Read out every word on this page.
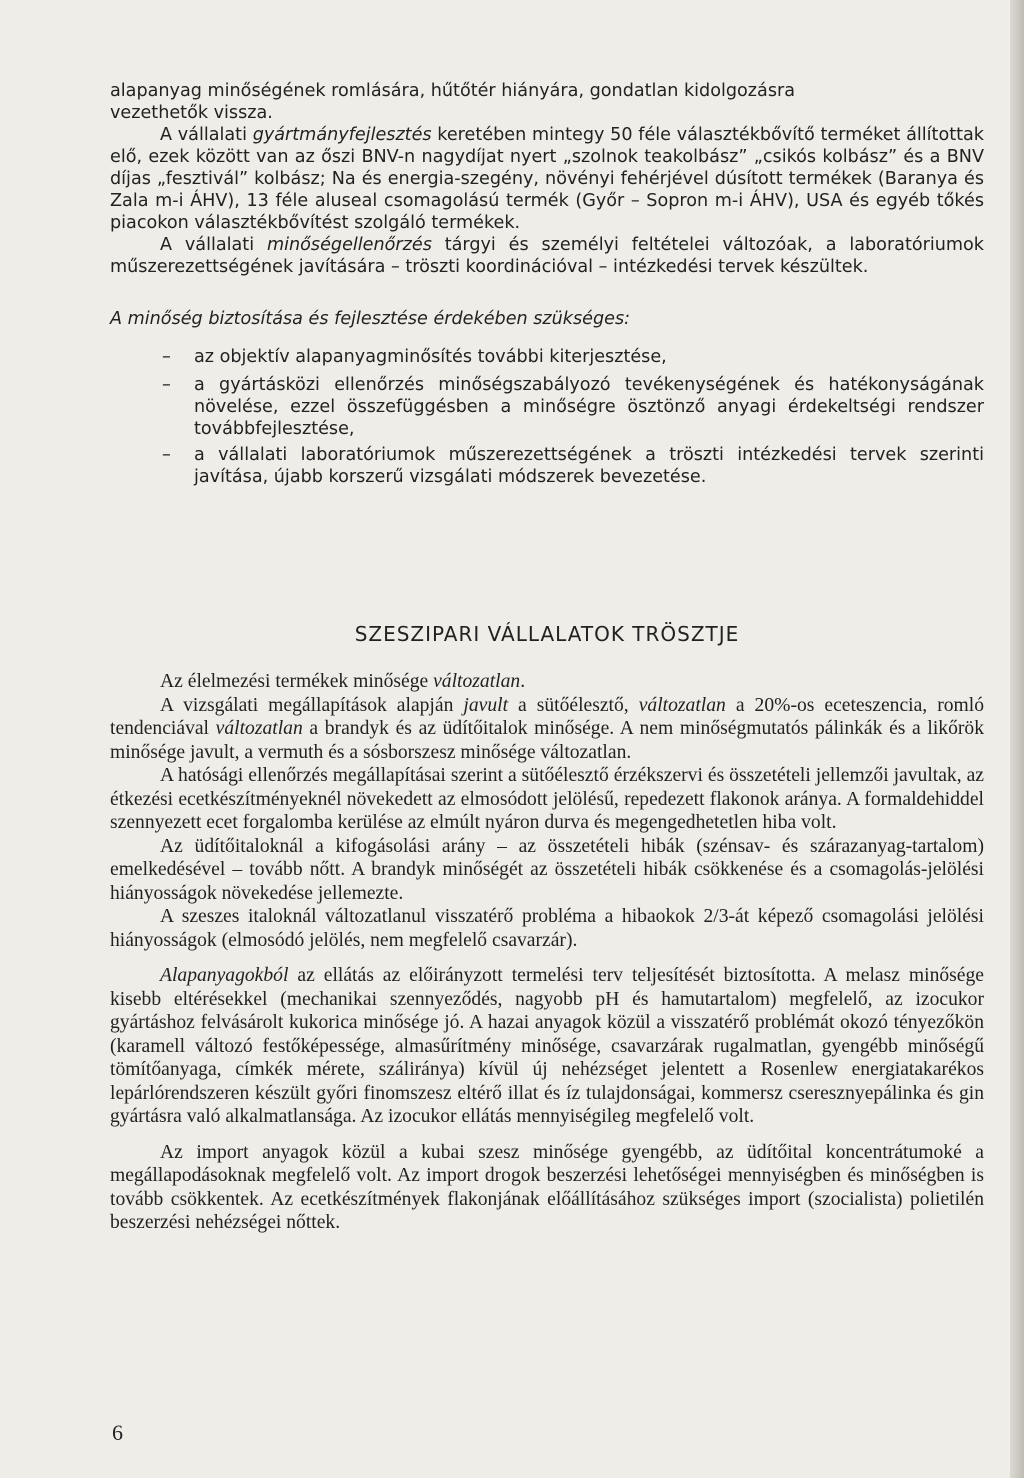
alapanyag minőségének romlására, hűtőtér hiányára, gondatlan kidolgozásra
vezethetők vissza.

A vállalati gyártmányfejlesztés keretében mintegy 50 féle választékbővítő terméket állítottak elő, ezek között van az őszi BNV-n nagydíjat nyert „szolnok teakolbász” „csikós kolbász” és a BNV díjas „fesztivál” kolbász; Na és energia-szegény, növényi fehérjével dúsított termékek (Baranya és Zala m-i ÁHV), 13 féle aluseal csomagolású termék (Győr – Sopron m-i ÁHV), USA és egyéb tőkés piacokon választékbővítést szolgáló termékek.

A vállalati minőségellenőrzés tárgyi és személyi feltételei változóak, a laboratóriumok műszerezettségének javítására – tröszti koordinációval – intézkedési tervek készültek.

A minőség biztosítása és fejlesztése érdekében szükséges:

– az objektív alapanyagminősítés további kiterjesztése,
– a gyártásközi ellenőrzés minőségszabályozó tevékenységének és hatékonyságának növelése, ezzel összefüggésben a minőségre ösztönző anyagi érdekeltségi rendszer továbbfejlesztése,
– a vállalati laboratóriumok műszerezettségének a tröszti intézkedési tervek szerinti javítása, újabb korszerű vizsgálati módszerek bevezetése.
SZESZIPARI VÁLLALATOK TRÖSZTJE

Az élelmezési termékek minősége változatlan.

A vizsgálati megállapítások alapján javult a sütőélesztő, változatlan a 20%-os eceteszencia, romló tendenciával változatlan a brandyk és az üdítőitalok minősége. A nem minőségmutatós pálinkák és a likőrök minősége javult, a vermuth és a sósborszesz minősége változatlan.

A hatósági ellenőrzés megállapításai szerint a sütőélesztő érzékszervi és összetételi jellemzői javultak, az étkezési ecetkészítményeknél növekedett az elmosódott jelölésű, repedezett flakonok aránya. A formaldehiddel szennyezett ecet forgalomba kerülése az elmúlt nyáron durva és megengedhetetlen hiba volt.

Az üdítőitaloknál a kifogásolási arány – az összetételi hibák (szénsav- és szárazanyag-tartalom) emelkedésével – tovább nőtt. A brandyk minőségét az összetételi hibák csökkenése és a csomagolás-jelölési hiányosságok növekedése jellemezte.

A szeszes italoknál változatlanul visszatérő probléma a hibaokok 2/3-át képező csomagolási jelölési hiányosságok (elmosódó jelölés, nem megfelelő csavarzár).

Alapanyagokból az ellátás az előirányzott termelési terv teljesítését biztosította. A melasz minősége kisebb eltérésekkel (mechanikai szennyeződés, nagyobb pH és hamutartalom) megfelelő, az izocukor gyártáshoz felvásárolt kukorica minősége jó. A hazai anyagok közül a visszatérő problémát okozó tényezőkön (karamell változó festőképessége, almasűrítmény minősége, csavarzárak rugalmatlan, gyengébb minőségű tömítőanyaga, címkék mérete, száliránya) kívül új nehézséget jelentett a Rosenlew energiatakarékos lepárlórendszeren készült győri finomszesz eltérő illat és íz tulajdonságai, kommersz cseresznyepálinka és gin gyártásra való alkalmatlansága. Az izocukor ellátás mennyiségileg megfelelő volt.

Az import anyagok közül a kubai szesz minősége gyengébb, az üdítőital koncentrátumoké a megállapodásoknak megfelelő volt. Az import drogok beszerzési lehetőségei mennyiségben és minőségben is tovább csökkentek. Az ecetkészítmények flakonjának előállításához szükséges import (szocialista) polietilén beszerzési nehézségei nőttek.

6
